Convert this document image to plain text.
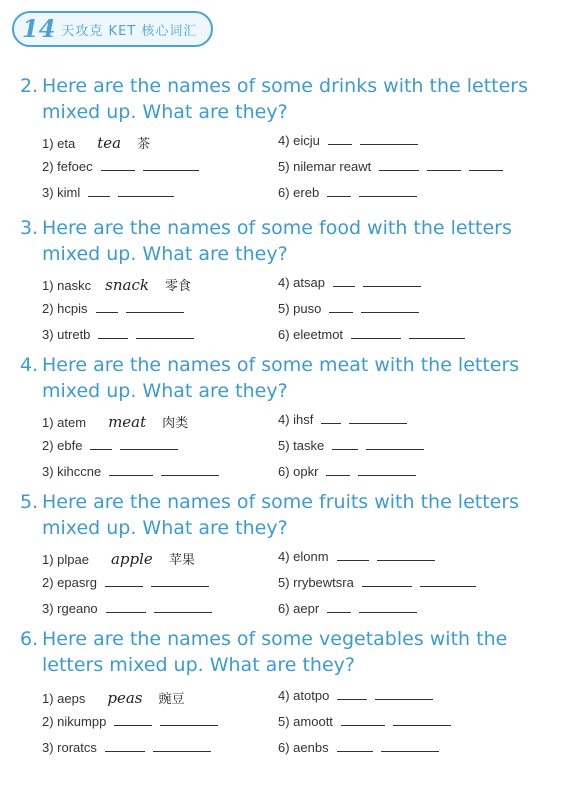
14 天攻克 KET 核心词汇
2. Here are the names of some drinks with the letters
mixed up. What are they?
1) eta tea 茶
2) fefoec
3) kiml
4) eicju
5) nilemar reawt
6) ereb
3. Here are the names of some food with the letters
mixed up. What are they?
1) naskc snack 零食
2) hcpis
3) utretb
4) atsap
5) puso
6) eleetmot
4. Here are the names of some meat with the letters
mixed up. What are they?
1) atem meat 肉类
2) ebfe
3) kihccne
4) ihsf
5) taske
6) opkr
5. Here are the names of some fruits with the letters
mixed up. What are they?
1) plpae apple 苹果
2) epasrg
3) rgeano
4) elonm
5) rrybewtsra
6) aepr
6. Here are the names of some vegetables with the
letters mixed up. What are they?
1) aeps peas 豌豆
2) nikumpp
3) roratcs
4) atotpo
5) amoott
6) aenbs
